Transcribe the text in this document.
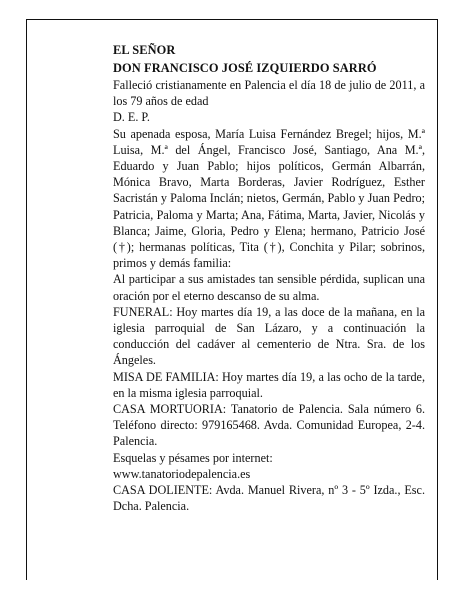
EL SEÑOR
DON FRANCISCO JOSÉ IZQUIERDO SARRÓ

Falleció cristianamente en Palencia el día 18 de julio de 2011, a los 79 años de edad

D. E. P.

Su apenada esposa, María Luisa Fernández Bregel; hijos, M.ª Luisa, M.ª del Ángel, Francisco José, Santiago, Ana M.ª, Eduardo y Juan Pablo; hijos políticos, Germán Albarrán, Mónica Bravo, Marta Borderas, Javier Rodríguez, Esther Sacristán y Paloma Inclán; nietos, Germán, Pablo y Juan Pedro; Patricia, Paloma y Marta; Ana, Fátima, Marta, Javier, Nicolás y Blanca; Jaime, Gloria, Pedro y Elena; hermano, Patricio José (†); hermanas políticas, Tita (†), Conchita y Pilar; sobrinos, primos y demás familia:

Al participar a sus amistades tan sensible pérdida, suplican una oración por el eterno descanso de su alma.

FUNERAL: Hoy martes día 19, a las doce de la mañana, en la iglesia parroquial de San Lázaro, y a continuación la conducción del cadáver al cementerio de Ntra. Sra. de los Ángeles.

MISA DE FAMILIA: Hoy martes día 19, a las ocho de la tarde, en la misma iglesia parroquial.

CASA MORTUORIA: Tanatorio de Palencia. Sala número 6. Teléfono directo: 979165468. Avda. Comunidad Europea, 2-4. Palencia.

Esquelas y pésames por internet:

www.tanatoriodepalencia.es

CASA DOLIENTE: Avda. Manuel Rivera, nº 3 - 5º Izda., Esc. Dcha. Palencia.
